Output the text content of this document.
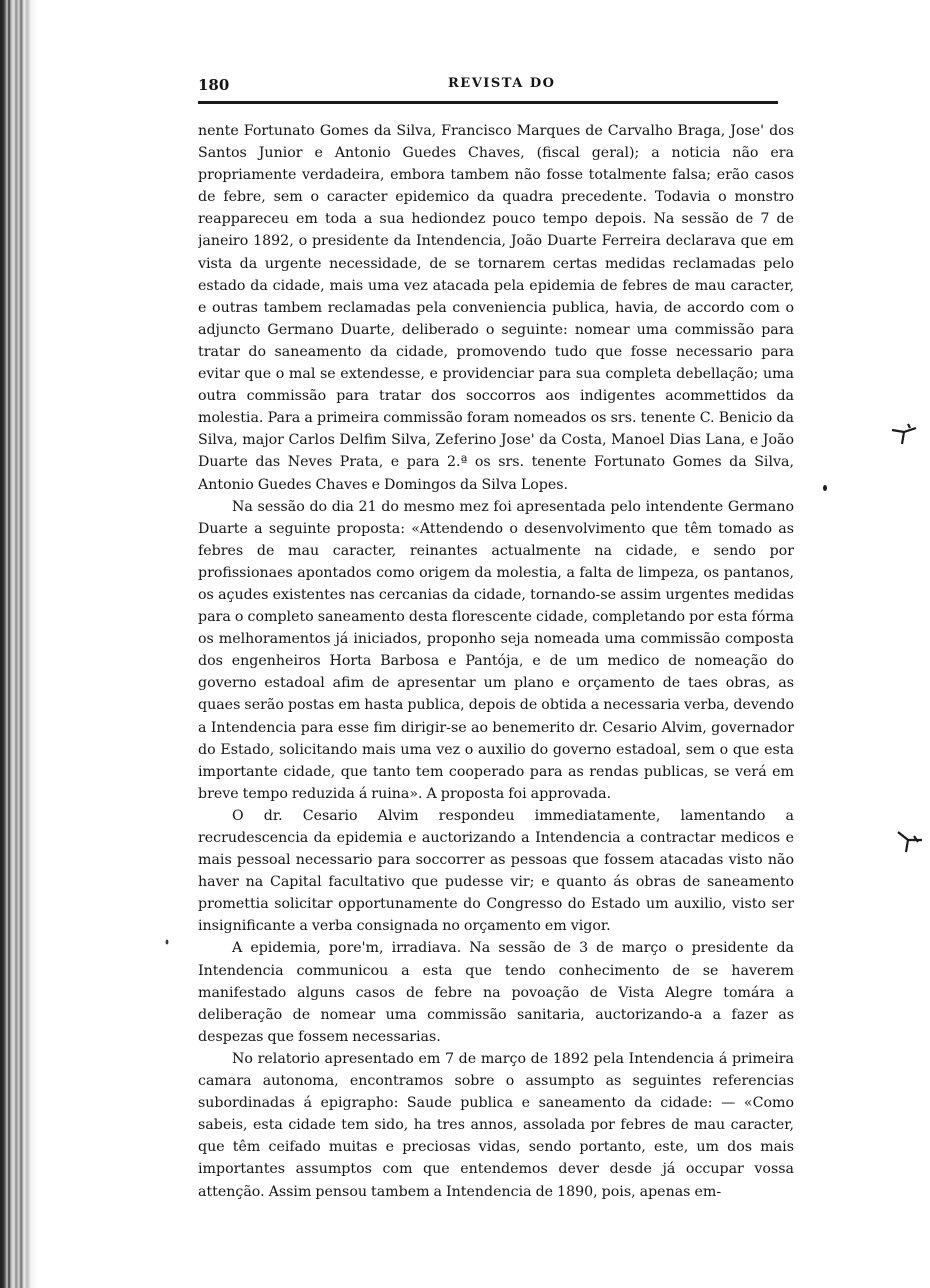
180	REVISTA DO

nente Fortunato Gomes da Silva, Francisco Marques de Carvalho Braga, Jose' dos Santos Junior e Antonio Guedes Chaves, (fiscal geral); a noticia não era propriamente verdadeira, embora tambem não fosse totalmente falsa; erão casos de febre, sem o caracter epidemico da quadra precedente. Todavia o monstro reappareceu em toda a sua hediondez pouco tempo depois. Na sessão de 7 de janeiro 1892, o presidente da Intendencia, João Duarte Ferreira declarava que em vista da urgente necessidade, de se tornarem certas medidas reclamadas pelo estado da cidade, mais uma vez atacada pela epidemia de febres de mau caracter, e outras tambem reclamadas pela conveniencia publica, havia, de accordo com o adjuncto Germano Duarte, deliberado o seguinte: nomear uma commissão para tratar do saneamento da cidade, promovendo tudo que fosse necessario para evitar que o mal se extendesse, e providenciar para sua completa debellação; uma outra commissão para tratar dos soccorros aos indigentes acommettidos da molestia. Para a primeira commissão foram nomeados os srs. tenente C. Benicio da Silva, major Carlos Delfim Silva, Zeferino Jose' da Costa, Manoel Dias Lana, e João Duarte das Neves Prata, e para 2.ª os srs. tenente Fortunato Gomes da Silva, Antonio Guedes Chaves e Domingos da Silva Lopes.

Na sessão do dia 21 do mesmo mez foi apresentada pelo intendente Germano Duarte a seguinte proposta: «Attendendo o desenvolvimento que têm tomado as febres de mau caracter, reinantes actualmente na cidade, e sendo por profissionaes apontados como origem da molestia, a falta de limpeza, os pantanos, os açudes existentes nas cercanias da cidade, tornando-se assim urgentes medidas para o completo saneamento desta florescente cidade, completando por esta fórma os melhoramentos já iniciados, proponho seja nomeada uma commissão composta dos engenheiros Horta Barbosa e Pantója, e de um medico de nomeação do governo estadoal afim de apresentar um plano e orçamento de taes obras, as quaes serão postas em hasta publica, depois de obtida a necessaria verba, devendo a Intendencia para esse fim dirigir-se ao benemerito dr. Cesario Alvim, governador do Estado, solicitando mais uma vez o auxilio do governo estadoal, sem o que esta importante cidade, que tanto tem cooperado para as rendas publicas, se verá em breve tempo reduzida á ruina». A proposta foi approvada.

O dr. Cesario Alvim respondeu immediatamente, lamentando a recrudescencia da epidemia e auctorizando a Intendencia a contractar medicos e mais pessoal necessario para soccorrer as pessoas que fossem atacadas visto não haver na Capital facultativo que pudesse vir; e quanto ás obras de saneamento promettia solicitar opportunamente do Congresso do Estado um auxilio, visto ser insignificante a verba consignada no orçamento em vigor.

A epidemia, pore'm, irradiava. Na sessão de 3 de março o presidente da Intendencia communicou a esta que tendo conhecimento de se haverem manifestado alguns casos de febre na povoação de Vista Alegre tomára a deliberação de nomear uma commissão sanitaria, auctorizando-a a fazer as despezas que fossem necessarias.

No relatorio apresentado em 7 de março de 1892 pela Intendencia á primeira camara autonoma, encontramos sobre o assumpto as seguintes referencias subordinadas á epigrapho: Saude publica e saneamento da cidade: — «Como sabeis, esta cidade tem sido, ha tres annos, assolada por febres de mau caracter, que têm ceifado muitas e preciosas vidas, sendo portanto, este, um dos mais importantes assumptos com que entendemos dever desde já occupar vossa attenção. Assim pensou tambem a Intendencia de 1890, pois, apenas em-
